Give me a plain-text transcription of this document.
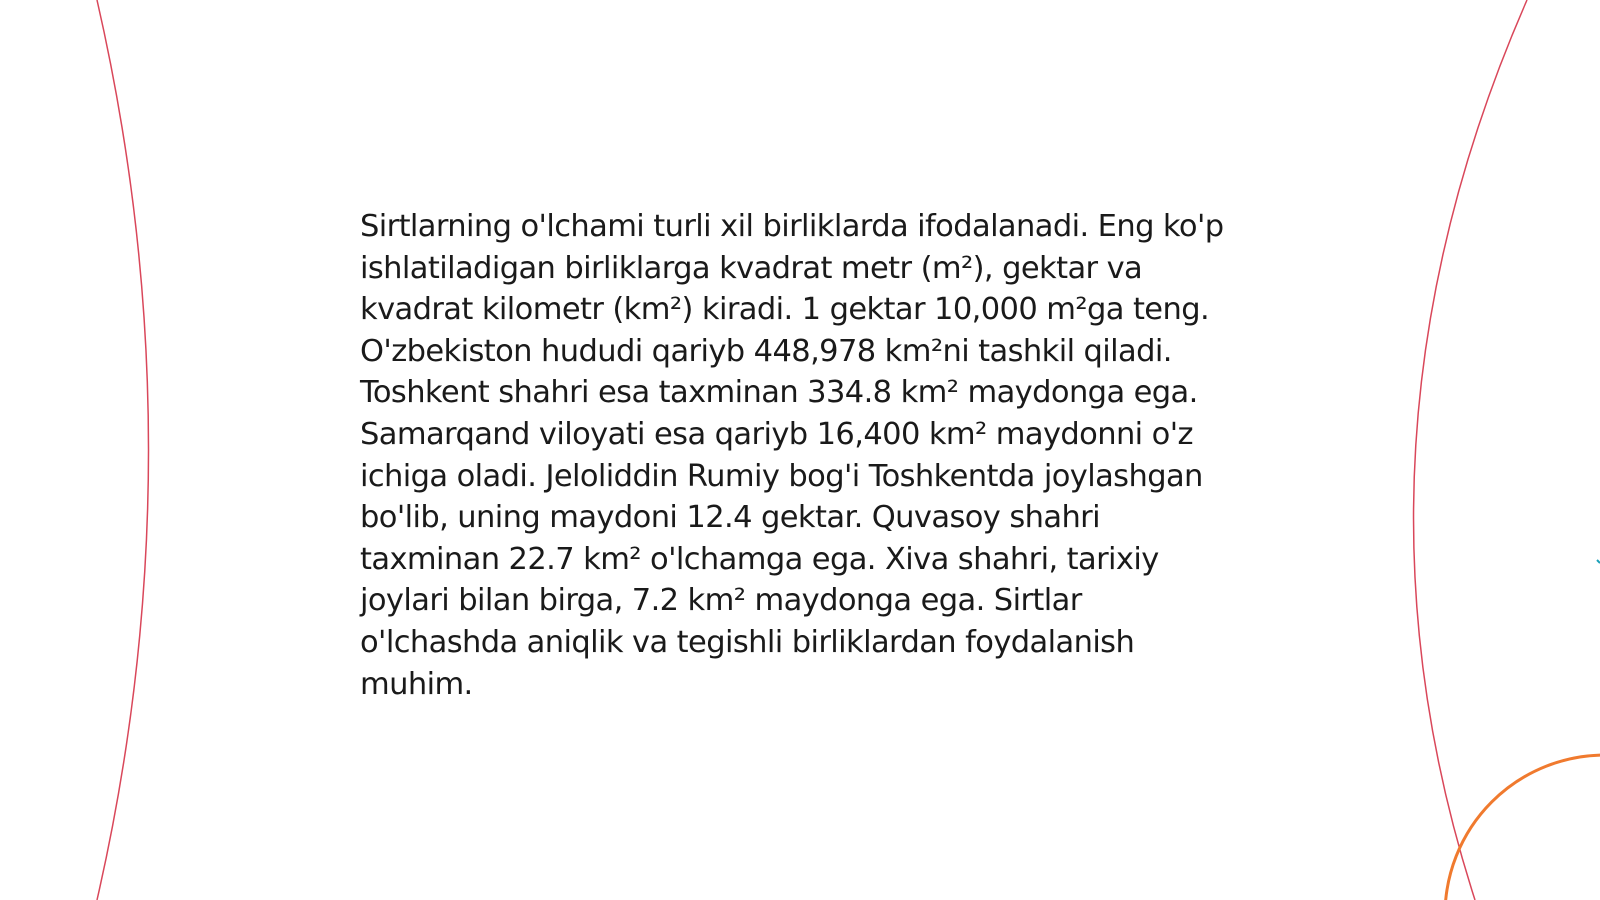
Sirtlarning o'lchami turli xil birliklarda ifodalanadi. Eng ko'p ishlatiladigan birliklarga kvadrat metr (m²), gektar va kvadrat kilometr (km²) kiradi. 1 gektar 10,000 m²ga teng. O'zbekiston hududi qariyb 448,978 km²ni tashkil qiladi. Toshkent shahri esa taxminan 334.8 km² maydonga ega. Samarqand viloyati esa qariyb 16,400 km² maydonni o'z ichiga oladi. Jeloliddin Rumiy bog'i Toshkentda joylashgan bo'lib, uning maydoni 12.4 gektar. Quvasoy shahri taxminan 22.7 km² o'lchamga ega. Xiva shahri, tarixiy joylari bilan birga, 7.2 km² maydonga ega. Sirtlar o'lchashda aniqlik va tegishli birliklardan foydalanish muhim.
